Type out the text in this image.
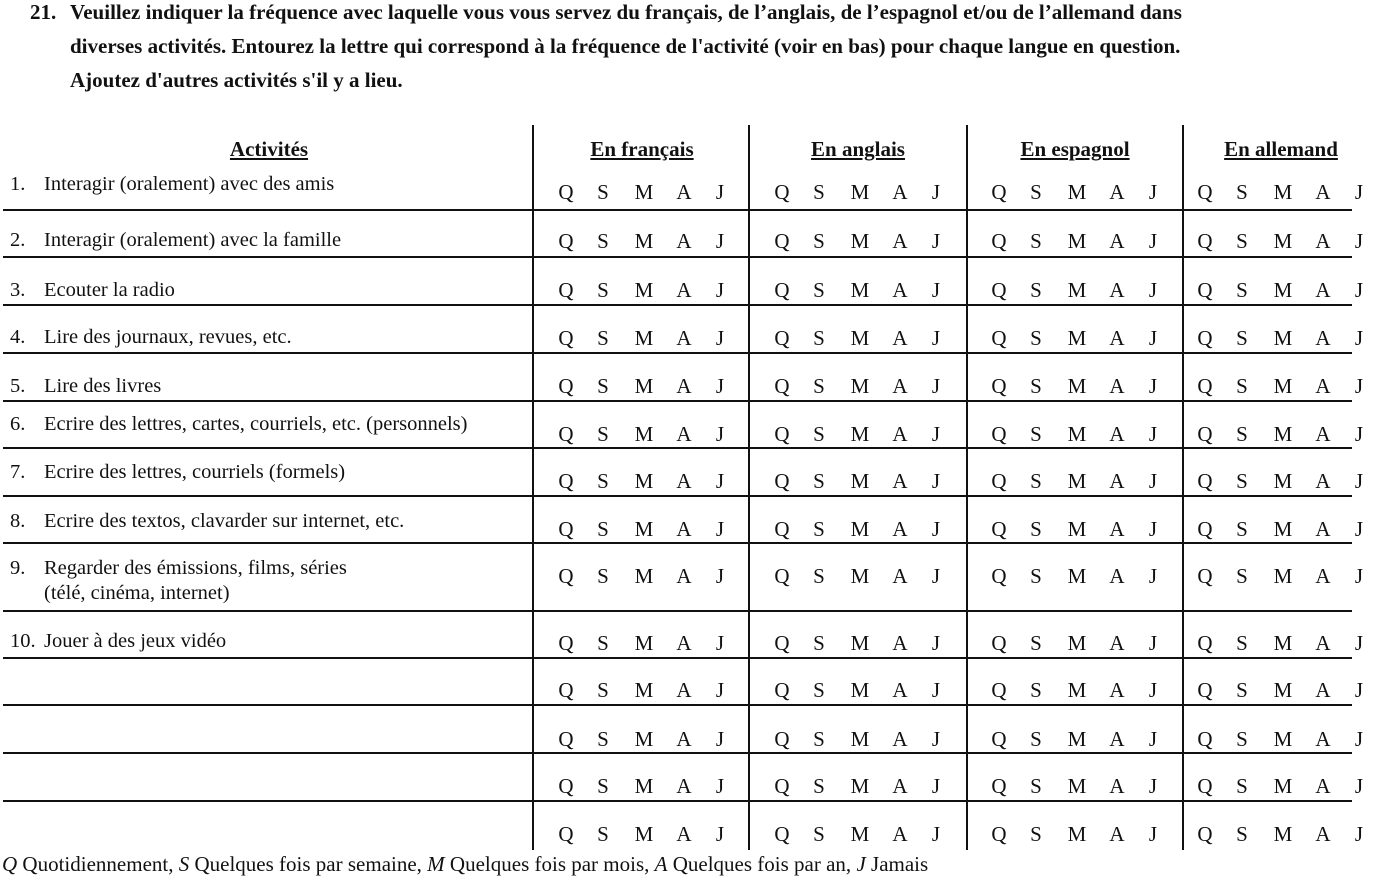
21. Veuillez indiquer la fréquence avec laquelle vous vous servez du français, de l’anglais, de l’espagnol et/ou de l’allemand dans
diverses activités. Entourez la lettre qui correspond à la fréquence de l'activité (voir en bas) pour chaque langue en question.
Ajoutez d'autres activités s'il y a lieu.
Activités	En français	En anglais	En espagnol	En allemand
1. Interagir (oralement) avec des amis	Q	S	M	A	J	Q	S	M	A	J	Q	S	M	A	J	Q	S	M	A	J
2. Interagir (oralement) avec la famille	Q	S	M	A	J	Q	S	M	A	J	Q	S	M	A	J	Q	S	M	A	J
3. Ecouter la radio	Q	S	M	A	J	Q	S	M	A	J	Q	S	M	A	J	Q	S	M	A	J
4. Lire des journaux, revues, etc.	Q	S	M	A	J	Q	S	M	A	J	Q	S	M	A	J	Q	S	M	A	J
5. Lire des livres	Q	S	M	A	J	Q	S	M	A	J	Q	S	M	A	J	Q	S	M	A	J
6. Ecrire des lettres, cartes, courriels, etc. (personnels)	Q	S	M	A	J	Q	S	M	A	J	Q	S	M	A	J	Q	S	M	A	J
7. Ecrire des lettres, courriels (formels)	Q	S	M	A	J	Q	S	M	A	J	Q	S	M	A	J	Q	S	M	A	J
8. Ecrire des textos, clavarder sur internet, etc.	Q	S	M	A	J	Q	S	M	A	J	Q	S	M	A	J	Q	S	M	A	J
9. Regarder des émissions, films, séries
(télé, cinéma, internet)
Q	S	M	A	J	Q	S	M	A	J	Q	S	M	A	J	Q	S	M	A	J
10. Jouer à des jeux vidéo	Q	S	M	A	J	Q	S	M	A	J	Q	S	M	A	J	Q	S	M	A	J
Q	S	M	A	J	Q	S	M	A	J	Q	S	M	A	J	Q	S	M	A	J
Q	S	M	A	J	Q	S	M	A	J	Q	S	M	A	J	Q	S	M	A	J
Q	S	M	A	J	Q	S	M	A	J	Q	S	M	A	J	Q	S	M	A	J
Q	S	M	A	J	Q	S	M	A	J	Q	S	M	A	J	Q	S	M	A	J
Q Quotidiennement, S Quelques fois par semaine, M Quelques fois par mois, A Quelques fois par an, J Jamais
